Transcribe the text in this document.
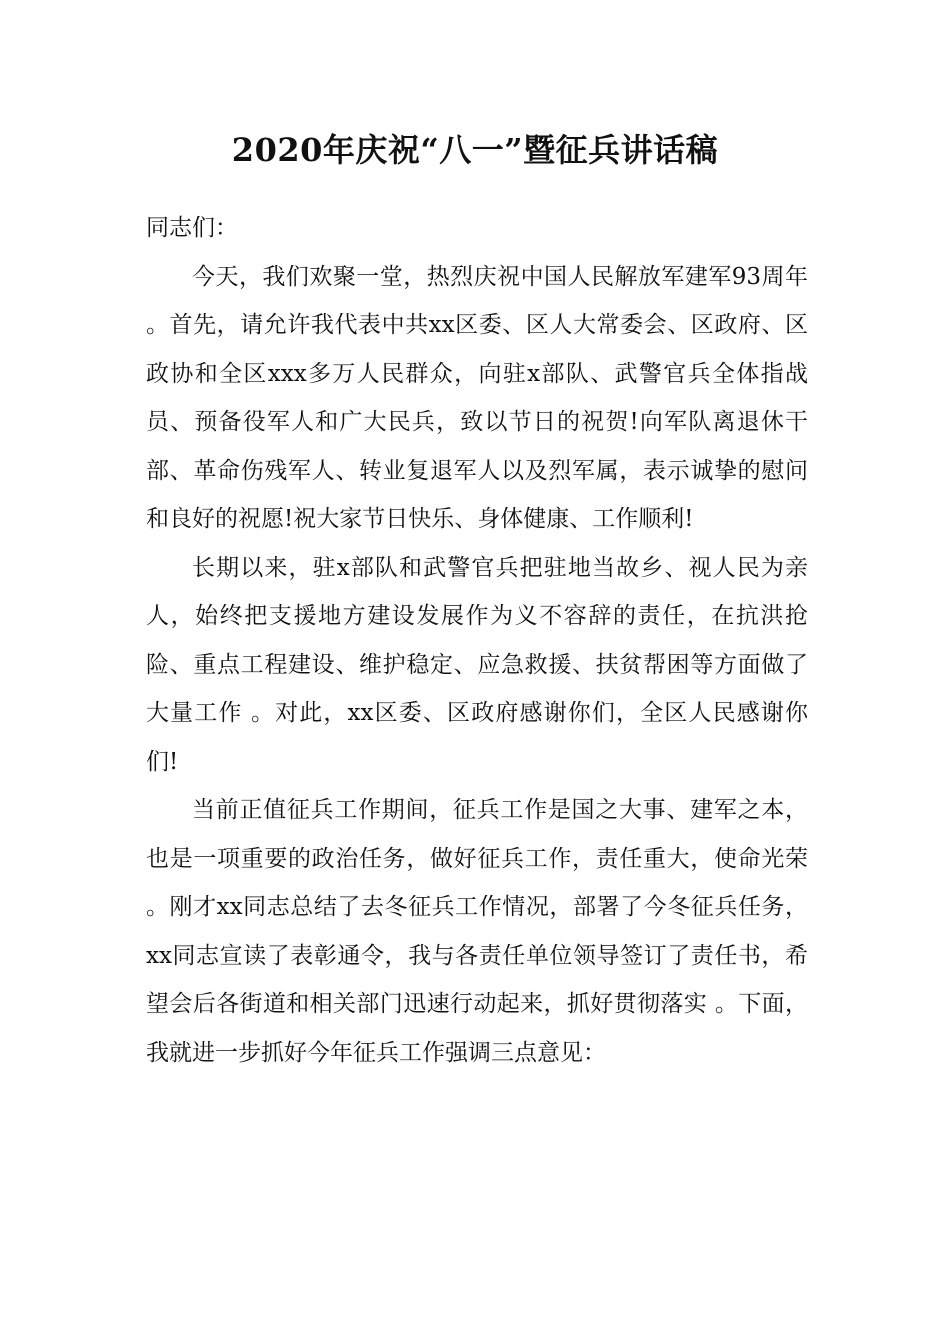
2020年庆祝“八一”暨征兵讲话稿

同志们：

今天，我们欢聚一堂，热烈庆祝中国人民解放军建军93周年 。首先，请允许我代表中共xx区委、区人大常委会、区政府、区政协和全区xxx多万人民群众，向驻x部队、武警官兵全体指战员、预备役军人和广大民兵，致以节日的祝贺!向军队离退休干部、革命伤残军人、转业复退军人以及烈军属，表示诚挚的慰问和良好的祝愿!祝大家节日快乐、身体健康、工作顺利!

长期以来，驻x部队和武警官兵把驻地当故乡、视人民为亲人，始终把支援地方建设发展作为义不容辞的责任，在抗洪抢险、重点工程建设、维护稳定、应急救援、扶贫帮困等方面做了大量工作 。对此，xx区委、区政府感谢你们，全区人民感谢你们!

当前正值征兵工作期间，征兵工作是国之大事、建军之本，也是一项重要的政治任务，做好征兵工作，责任重大，使命光荣 。刚才xx同志总结了去冬征兵工作情况，部署了今冬征兵任务，xx同志宣读了表彰通令，我与各责任单位领导签订了责任书，希望会后各街道和相关部门迅速行动起来，抓好贯彻落实 。下面，我就进一步抓好今年征兵工作强调三点意见：
